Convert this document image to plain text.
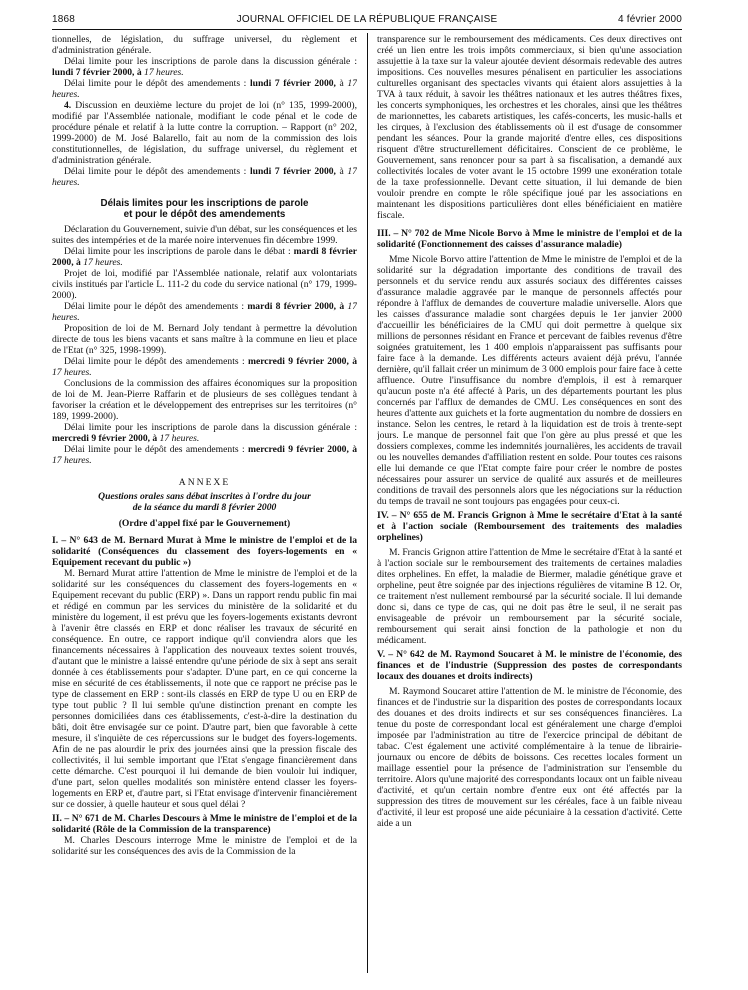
1868	JOURNAL OFFICIEL DE LA RÉPUBLIQUE FRANÇAISE	4 février 2000

tionnelles, de législation, du suffrage universel, du règlement et d'administration générale.

Délai limite pour les inscriptions de parole dans la discussion générale : lundi 7 février 2000, à 17 heures.

Délai limite pour le dépôt des amendements : lundi 7 février 2000, à 17 heures.

4. Discussion en deuxième lecture du projet de loi (n° 135, 1999-2000), modifié par l'Assemblée nationale, modifiant le code pénal et le code de procédure pénale et relatif à la lutte contre la corruption. – Rapport (n° 202, 1999-2000) de M. José Balarello, fait au nom de la commission des lois constitutionnelles, de législation, du suffrage universel, du règlement et d'administration générale.

Délai limite pour le dépôt des amendements : lundi 7 février 2000, à 17 heures.

Délais limites pour les inscriptions de parole

et pour le dépôt des amendements

Déclaration du Gouvernement, suivie d'un débat, sur les conséquences et les suites des intempéries et de la marée noire intervenues fin décembre 1999.

Délai limite pour les inscriptions de parole dans le débat : mardi 8 février 2000, à 17 heures.

Projet de loi, modifié par l'Assemblée nationale, relatif aux volontariats civils institués par l'article L. 111-2 du code du service national (n° 179, 1999-2000).

Délai limite pour le dépôt des amendements : mardi 8 février 2000, à 17 heures.

Proposition de loi de M. Bernard Joly tendant à permettre la dévolution directe de tous les biens vacants et sans maître à la commune en lieu et place de l'Etat (n° 325, 1998-1999).

Délai limite pour le dépôt des amendements : mercredi 9 février 2000, à 17 heures.

Conclusions de la commission des affaires économiques sur la proposition de loi de M. Jean-Pierre Raffarin et de plusieurs de ses collègues tendant à favoriser la création et le développement des entreprises sur les territoires (n° 189, 1999-2000).

Délai limite pour les inscriptions de parole dans la discussion générale : mercredi 9 février 2000, à 17 heures.

Délai limite pour le dépôt des amendements : mercredi 9 février 2000, à 17 heures.

ANNEXE

Questions orales sans débat inscrites à l'ordre du jour

de la séance du mardi 8 février 2000

(Ordre d'appel fixé par le Gouvernement)

I. – N° 643 de M. Bernard Murat à Mme le ministre de l'emploi et de la solidarité (Conséquences du classement des foyers-logements en « Equipement recevant du public »)

M. Bernard Murat attire l'attention de Mme le ministre de l'emploi et de la solidarité sur les conséquences du classement des foyers-logements en « Equipement recevant du public (ERP) ». Dans un rapport rendu public fin mai et rédigé en commun par les services du ministère de la solidarité et du ministère du logement, il est prévu que les foyers-logements existants devront à l'avenir être classés en ERP et donc réaliser les travaux de sécurité en conséquence. En outre, ce rapport indique qu'il conviendra alors que les financements nécessaires à l'application des nouveaux textes soient trouvés, d'autant que le ministre a laissé entendre qu'une période de six à sept ans serait donnée à ces établissements pour s'adapter. D'une part, en ce qui concerne la mise en sécurité de ces établissements, il note que ce rapport ne précise pas le type de classement en ERP : sont-ils classés en ERP de type U ou en ERP de type tout public ? Il lui semble qu'une distinction prenant en compte les personnes domiciliées dans ces établissements, c'est-à-dire la destination du bâti, doit être envisagée sur ce point. D'autre part, bien que favorable à cette mesure, il s'inquiète de ces répercussions sur le budget des foyers-logements. Afin de ne pas alourdir le prix des journées ainsi que la pression fiscale des collectivités, il lui semble important que l'Etat s'engage financièrement dans cette démarche. C'est pourquoi il lui demande de bien vouloir lui indiquer, d'une part, selon quelles modalités son ministère entend classer les foyers-logements en ERP et, d'autre part, si l'Etat envisage d'intervenir financièrement sur ce dossier, à quelle hauteur et sous quel délai ?

II. – N° 671 de M. Charles Descours à Mme le ministre de l'emploi et de la solidarité (Rôle de la Commission de la transparence)

M. Charles Descours interroge Mme le ministre de l'emploi et de la solidarité sur les conséquences des avis de la Commission de la

transparence sur le remboursement des médicaments. Ces deux directives ont créé un lien entre les trois impôts commerciaux, si bien qu'une association assujettie à la taxe sur la valeur ajoutée devient désormais redevable des autres impositions. Ces nouvelles mesures pénalisent en particulier les associations culturelles organisant des spectacles vivants qui étaient alors assujetties à la TVA à taux réduit, à savoir les théâtres nationaux et les autres théâtres fixes, les concerts symphoniques, les orchestres et les chorales, ainsi que les théâtres de marionnettes, les cabarets artistiques, les cafés-concerts, les music-halls et les cirques, à l'exclusion des établissements où il est d'usage de consommer pendant les séances. Pour la grande majorité d'entre elles, ces dispositions risquent d'être structurellement déficitaires. Conscient de ce problème, le Gouvernement, sans renoncer pour sa part à sa fiscalisation, a demandé aux collectivités locales de voter avant le 15 octobre 1999 une exonération totale de la taxe professionnelle. Devant cette situation, il lui demande de bien vouloir prendre en compte le rôle spécifique joué par les associations en maintenant les dispositions particulières dont elles bénéficiaient en matière fiscale.

III. – N° 702 de Mme Nicole Borvo à Mme le ministre de l'emploi et de la solidarité (Fonctionnement des caisses d'assurance maladie)

Mme Nicole Borvo attire l'attention de Mme le ministre de l'emploi et de la solidarité sur la dégradation importante des conditions de travail des personnels et du service rendu aux assurés sociaux des différentes caisses d'assurance maladie aggravée par le manque de personnels affectés pour répondre à l'afflux de demandes de couverture maladie universelle. Alors que les caisses d'assurance maladie sont chargées depuis le 1er janvier 2000 d'accueillir les bénéficiaires de la CMU qui doit permettre à quelque six millions de personnes résidant en France et percevant de faibles revenus d'être soignées gratuitement, les 1 400 emplois n'apparaissent pas suffisants pour faire face à la demande. Les différents acteurs avaient déjà prévu, l'année dernière, qu'il fallait créer un minimum de 3 000 emplois pour faire face à cette affluence. Outre l'insuffisance du nombre d'emplois, il est à remarquer qu'aucun poste n'a été affecté à Paris, un des départements pourtant les plus concernés par l'afflux de demandes de CMU. Les conséquences en sont des heures d'attente aux guichets et la forte augmentation du nombre de dossiers en instance. Selon les centres, le retard à la liquidation est de trois à trente-sept jours. Le manque de personnel fait que l'on gère au plus pressé et que les dossiers complexes, comme les indemnités journalières, les accidents de travail ou les nouvelles demandes d'affiliation restent en solde. Pour toutes ces raisons elle lui demande ce que l'Etat compte faire pour créer le nombre de postes nécessaires pour assurer un service de qualité aux assurés et de meilleures conditions de travail des personnels alors que les négociations sur la réduction du temps de travail ne sont toujours pas engagées pour ceux-ci.

IV. – N° 655 de M. Francis Grignon à Mme le secrétaire d'Etat à la santé et à l'action sociale (Remboursement des traitements des maladies orphelines)

M. Francis Grignon attire l'attention de Mme le secrétaire d'Etat à la santé et à l'action sociale sur le remboursement des traitements de certaines maladies dites orphelines. En effet, la maladie de Biermer, maladie génétique grave et orpheline, peut être soignée par des injections régulières de vitamine B 12. Or, ce traitement n'est nullement remboursé par la sécurité sociale. Il lui demande donc si, dans ce type de cas, qui ne doit pas être le seul, il ne serait pas envisageable de prévoir un remboursement par la sécurité sociale, remboursement qui serait ainsi fonction de la pathologie et non du médicament.

V. – N° 642 de M. Raymond Soucaret à M. le ministre de l'économie, des finances et de l'industrie (Suppression des postes de correspondants locaux des douanes et droits indirects)

M. Raymond Soucaret attire l'attention de M. le ministre de l'économie, des finances et de l'industrie sur la disparition des postes de correspondants locaux des douanes et des droits indirects et sur ses conséquences financières. La tenue du poste de correspondant local est généralement une charge d'emploi imposée par l'administration au titre de l'exercice principal de débitant de tabac. C'est également une activité complémentaire à la tenue de librairie-journaux ou encore de débits de boissons. Ces recettes locales forment un maillage essentiel pour la présence de l'administration sur l'ensemble du territoire. Alors qu'une majorité des correspondants locaux ont un faible niveau d'activité, et qu'un certain nombre d'entre eux ont été affectés par la suppression des titres de mouvement sur les céréales, face à un faible niveau d'activité, il leur est proposé une aide pécuniaire à la cessation d'activité. Cette aide a un
